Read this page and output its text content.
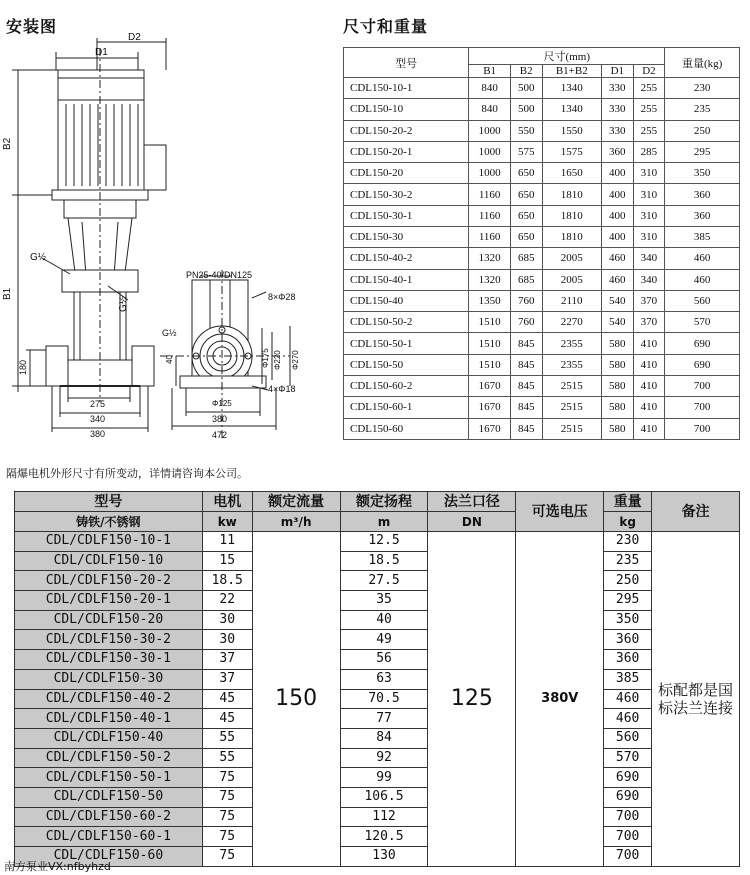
安装图	尺寸和重量
D1
D2
B2
B1
180
G½
G½
275
340
380
PN25-40/DN125
8×Φ28
4×Φ18
Φ175 Φ220 Φ270
40
G½
Φ125
380
472
型号	尺寸(mm)					重量(kg)
	B1	B2	B1+B2	D1	D2	
CDL150-10-1	840	500	1340	330	255	230
CDL150-10	840	500	1340	330	255	235
CDL150-20-2	1000	550	1550	330	255	250
CDL150-20-1	1000	575	1575	360	285	295
CDL150-20	1000	650	1650	400	310	350
CDL150-30-2	1160	650	1810	400	310	360
CDL150-30-1	1160	650	1810	400	310	360
CDL150-30	1160	650	1810	400	310	385
CDL150-40-2	1320	685	2005	460	340	460
CDL150-40-1	1320	685	2005	460	340	460
CDL150-40	1350	760	2110	540	370	560
CDL150-50-2	1510	760	2270	540	370	570
CDL150-50-1	1510	845	2355	580	410	690
CDL150-50	1510	845	2355	580	410	690
CDL150-60-2	1670	845	2515	580	410	700
CDL150-60-1	1670	845	2515	580	410	700
CDL150-60	1670	845	2515	580	410	700
隔爆电机外形尺寸有所变动，详情请咨询本公司。
型号	电机	额定流量	额定扬程	法兰口径	可选电压	重量	备注
铸铁/不锈钢	kw	m³/h	m	DN		kg	
CDL/CDLF150-10-1	11	150	12.5	125	380V	230	标配都是国标法兰连接
CDL/CDLF150-10	15		18.5			235	
CDL/CDLF150-20-2	18.5		27.5			250	
CDL/CDLF150-20-1	22		35			295	
CDL/CDLF150-20	30		40			350	
CDL/CDLF150-30-2	30		49			360	
CDL/CDLF150-30-1	37		56			360	
CDL/CDLF150-30	37		63			385	
CDL/CDLF150-40-2	45		70.5			460	
CDL/CDLF150-40-1	45		77			460	
CDL/CDLF150-40	55		84			560	
CDL/CDLF150-50-2	55		92			570	
CDL/CDLF150-50-1	75		99			690	
CDL/CDLF150-50	75		106.5			690	
CDL/CDLF150-60-2	75		112			700	
CDL/CDLF150-60-1	75		120.5			700	
CDL/CDLF150-60	75		130			700	
南方泵业VX:nfbyhzd
